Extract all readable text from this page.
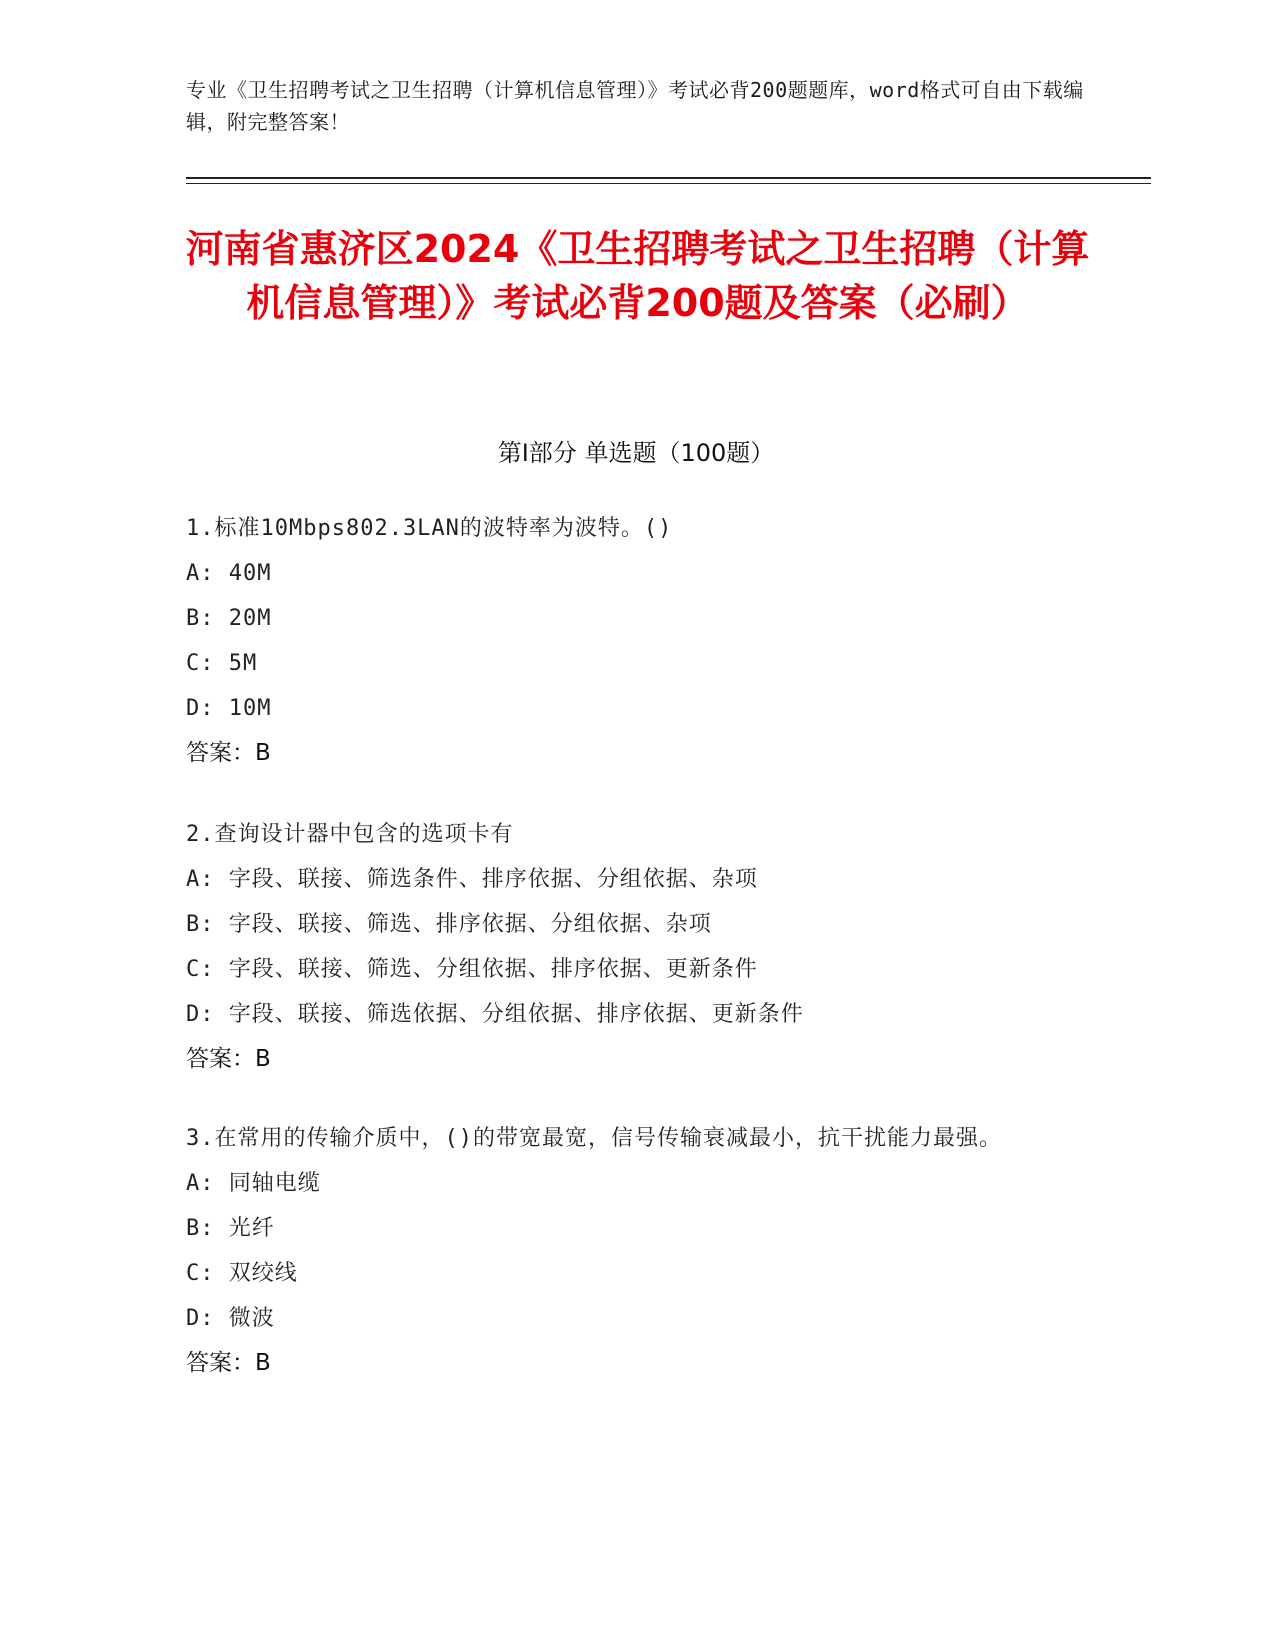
专业《卫生招聘考试之卫生招聘（计算机信息管理）》考试必背200题题库，word格式可自由下载编辑，附完整答案！
河南省惠济区2024《卫生招聘考试之卫生招聘（计算机信息管理）》考试必背200题及答案（必刷）
第Ⅰ部分 单选题（100题）

1.标准10Mbps802.3LAN的波特率为波特。()

A: 40M

B: 20M

C: 5M

D: 10M

答案：B

2.查询设计器中包含的选项卡有

A: 字段、联接、筛选条件、排序依据、分组依据、杂项

B: 字段、联接、筛选、排序依据、分组依据、杂项

C: 字段、联接、筛选、分组依据、排序依据、更新条件

D: 字段、联接、筛选依据、分组依据、排序依据、更新条件

答案：B

3.在常用的传输介质中，()的带宽最宽，信号传输衰减最小，抗干扰能力最强。

A: 同轴电缆

B: 光纤

C: 双绞线

D: 微波

答案：B
